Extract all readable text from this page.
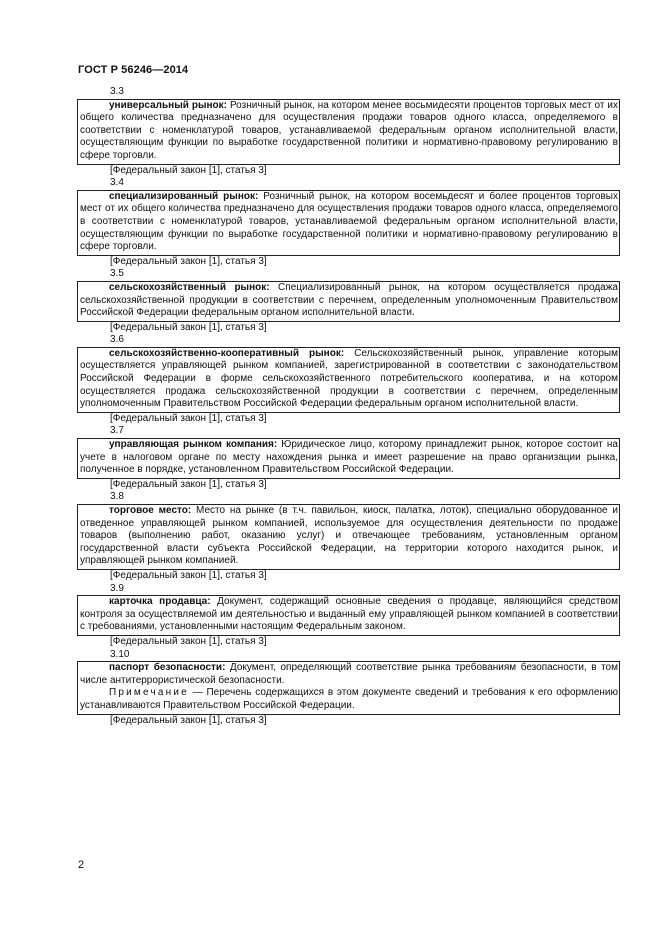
ГОСТ Р 56246—2014
3.3

универсальный рынок: Розничный рынок, на котором менее восьмидесяти процентов торговых мест от их общего количества предназначено для осуществления продажи товаров одного класса, определяемого в соответствии с номенклатурой товаров, устанавливаемой федеральным органом исполнительной власти, осуществляющим функции по выработке государственной политики и нормативно-правовому регулированию в сфере торговли.

[Федеральный закон [1], статья 3]
3.4

специализированный рынок: Розничный рынок, на котором восемьдесят и более процентов торговых мест от их общего количества предназначено для осуществления продажи товаров одного класса, определяемого в соответствии с номенклатурой товаров, устанавливаемой федеральным органом исполнительной власти, осуществляющим функции по выработке государственной политики и нормативно-правовому регулированию в сфере торговли.

[Федеральный закон [1], статья 3]
3.5

сельскохозяйственный рынок: Специализированный рынок, на котором осуществляется продажа сельскохозяйственной продукции в соответствии с перечнем, определенным уполномоченным Правительством Российской Федерации федеральным органом исполнительной власти.

[Федеральный закон [1], статья 3]
3.6

сельскохозяйственно-кооперативный рынок: Сельскохозяйственный рынок, управление которым осуществляется управляющей рынком компанией, зарегистрированной в соответствии с законодательством Российской Федерации в форме сельскохозяйственного потребительского кооператива, и на котором осуществляется продажа сельскохозяйственной продукции в соответствии с перечнем, определенным уполномоченным Правительством Российской Федерации федеральным органом исполнительной власти.

[Федеральный закон [1], статья 3]
3.7

управляющая рынком компания: Юридическое лицо, которому принадлежит рынок, которое состоит на учете в налоговом органе по месту нахождения рынка и имеет разрешение на право организации рынка, полученное в порядке, установленном Правительством Российской Федерации.

[Федеральный закон [1], статья 3]
3.8

торговое место: Место на рынке (в т.ч. павильон, киоск, палатка, лоток), специально оборудованное и отведенное управляющей рынком компанией, используемое для осуществления деятельности по продаже товаров (выполнению работ, оказанию услуг) и отвечающее требованиям, установленным органом государственной власти субъекта Российской Федерации, на территории которого находится рынок, и управляющей рынком компанией.

[Федеральный закон [1], статья 3]
3.9

карточка продавца: Документ, содержащий основные сведения о продавце, являющийся средством контроля за осуществляемой им деятельностью и выданный ему управляющей рынком компанией в соответствии с требованиями, установленными настоящим Федеральным законом.

[Федеральный закон [1], статья 3]
3.10

паспорт безопасности: Документ, определяющий соответствие рынка требованиям безопасности, в том числе антитеррористической безопасности.

Примечание — Перечень содержащихся в этом документе сведений и требования к его оформлению устанавливаются Правительством Российской Федерации.

[Федеральный закон [1], статья 3]
2
